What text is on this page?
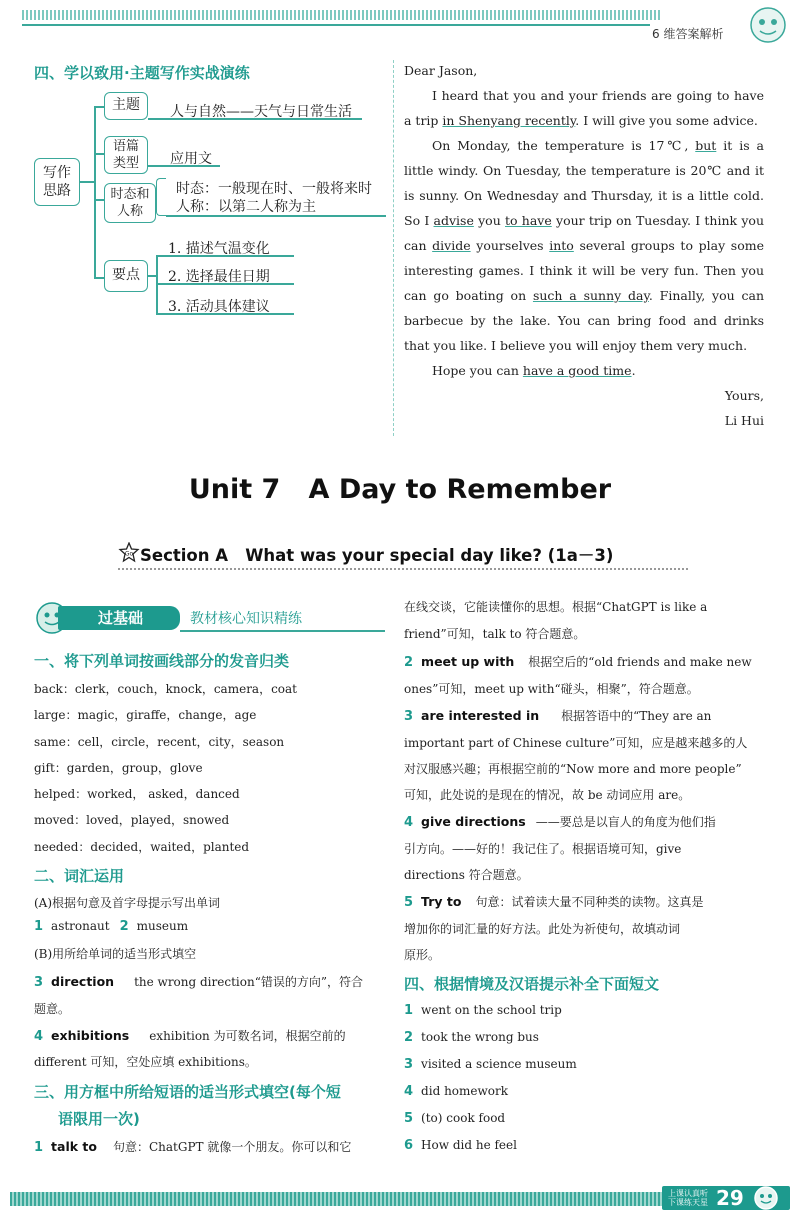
6 维答案解析
四、学以致用·主题写作实战演练
写作思路
主题	人与自然——天气与日常生活
语篇类型 应用文
时态和人称
时态：一般现在时、一般将来时
人称：以第二人称为主
要点
1. 描述气温变化
2. 选择最佳日期
3. 活动具体建议

Dear Jason,

I heard that you and your friends are going to have a trip in Shenyang recently. I will give you some advice.

On Monday, the temperature is 17℃, but it is a little windy. On Tuesday, the temperature is 20℃ and it is sunny. On Wednesday and Thursday, it is a little cold. So I advise you to have your trip on Tuesday. I think you can divide yourselves into several groups to play some interesting games. I think it will be very fun. Then you can go boating on such a sunny day. Finally, you can barbecue by the lake. You can bring food and drinks that you like. I believe you will enjoy them very much.

Hope you can have a good time.

Yours,

Li Hui

Unit 7   A Day to Remember
Go Section A   What was your special day like? (1a－3)
过基础	教材核心知识精练
一、将下列单词按画线部分的发音归类
back：clerk，couch，knock，camera，coat
large：magic，giraffe，change，age
same：cell，circle，recent，city，season
gift：garden，group，glove
helped：worked， asked，danced
moved：loved，played，snowed
needed：decided，waited，planted
二、词汇运用
(A)根据句意及首字母提示写出单词
1 astronaut 2 museum
(B)用所给单词的适当形式填空
3 direction the wrong direction“错误的方向”，符合
题意。
4 exhibitions exhibition 为可数名词，根据空前的
different 可知，空处应填 exhibitions。
三、用方框中所给短语的适当形式填空(每个短
语限用一次)
1 talk to 句意：ChatGPT 就像一个朋友。你可以和它
在线交谈，它能读懂你的思想。根据“ChatGPT is like a
friend”可知，talk to 符合题意。
2 meet up with 根据空后的“old friends and make new
ones”可知，meet up with“碰头，相聚”，符合题意。
3 are interested in 根据答语中的“They are an
important part of Chinese culture”可知，应是越来越多的人
对汉服感兴趣；再根据空前的“Now more and more people”
可知，此处说的是现在的情况，故 be 动词应用 are。
4 give directions ——要总是以盲人的角度为他们指
引方向。——好的！我记住了。根据语境可知，give
directions 符合题意。
5 Try to 句意：试着读大量不同种类的读物。这真是
增加你的词汇量的好方法。此处为祈使句，故填动词
原形。
四、根据情境及汉语提示补全下面短文
1 went on the school trip
2 took the wrong bus
3 visited a science museum
4 did homework
5 (to) cook food
6 How did he feel
上课认真听
下课练天星 29
